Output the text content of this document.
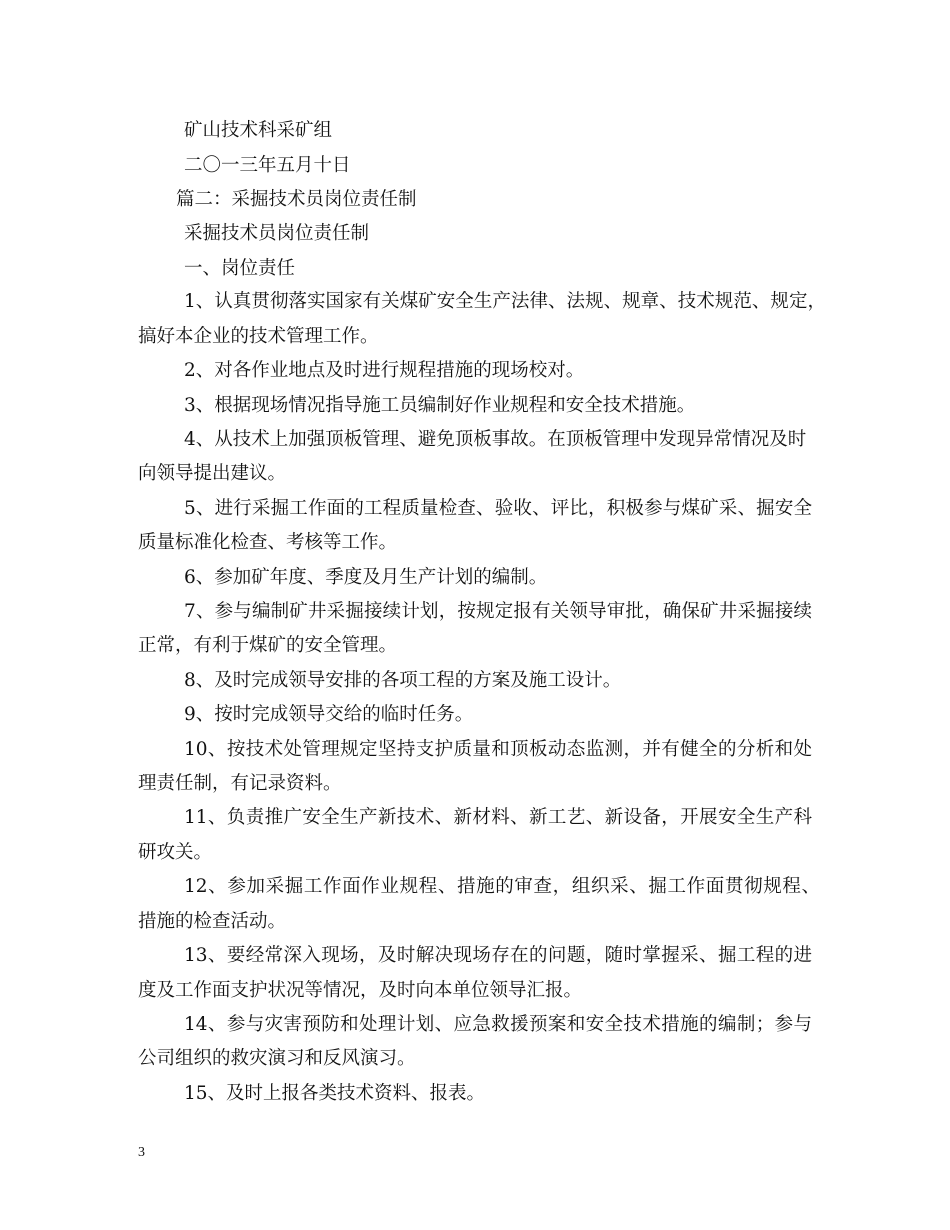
矿山技术科采矿组
二〇一三年五月十日
篇二：采掘技术员岗位责任制
采掘技术员岗位责任制
一、岗位责任
1、认真贯彻落实国家有关煤矿安全生产法律、法规、规章、技术规范、规定，
搞好本企业的技术管理工作。
2、对各作业地点及时进行规程措施的现场校对。
3、根据现场情况指导施工员编制好作业规程和安全技术措施。
4、从技术上加强顶板管理、避免顶板事故。在顶板管理中发现异常情况及时
向领导提出建议。
5、进行采掘工作面的工程质量检查、验收、评比，积极参与煤矿采、掘安全
质量标准化检查、考核等工作。
6、参加矿年度、季度及月生产计划的编制。
7、参与编制矿井采掘接续计划，按规定报有关领导审批，确保矿井采掘接续
正常，有利于煤矿的安全管理。
8、及时完成领导安排的各项工程的方案及施工设计。
9、按时完成领导交给的临时任务。
10、按技术处管理规定坚持支护质量和顶板动态监测，并有健全的分析和处
理责任制，有记录资料。
11、负责推广安全生产新技术、新材料、新工艺、新设备，开展安全生产科
研攻关。
12、参加采掘工作面作业规程、措施的审查，组织采、掘工作面贯彻规程、
措施的检查活动。
13、要经常深入现场，及时解决现场存在的问题，随时掌握采、掘工程的进
度及工作面支护状况等情况，及时向本单位领导汇报。
14、参与灾害预防和处理计划、应急救援预案和安全技术措施的编制；参与
公司组织的救灾演习和反风演习。
15、及时上报各类技术资料、报表。
3
